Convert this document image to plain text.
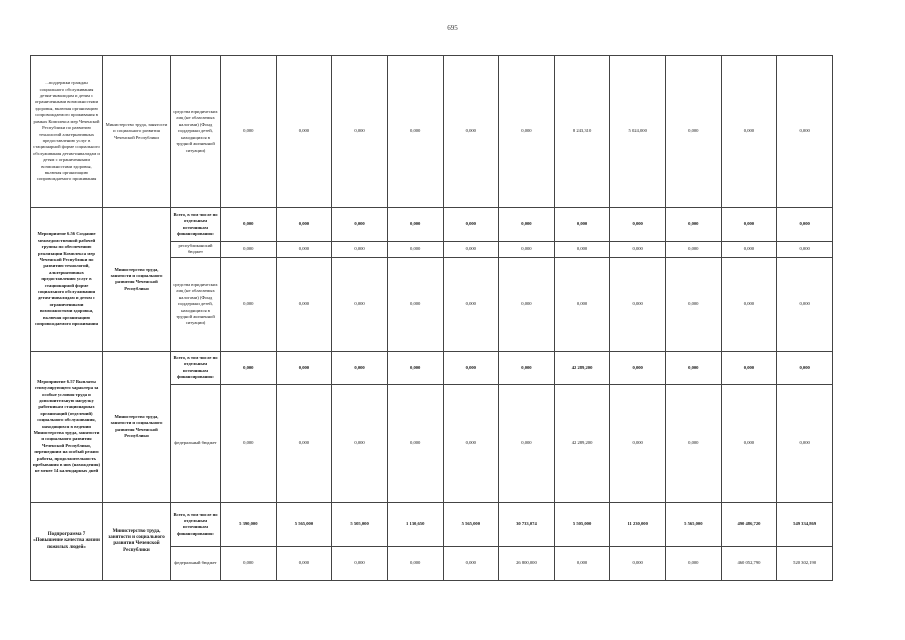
695
...поддержки граждан социального обслуживания детям-инвалидам и детям с ограниченными возможностями здоровья, включая организацию сопровождаемого проживания в рамках Комплекса мер Чеченской Республики по развитию технологий альтернативных предоставлению услуг в стационарной форме социального обслуживания детям-инвалидам и детям с ограниченными возможностями здоровья, включая организацию сопровождаемого проживания	Министерство труда, занятости и социального развития Чеченской Республики	средства юридических лиц (не облагаемых налогами) (Фонд поддержки детей, находящихся в трудной жизненной ситуации)	0,000	0,000	0,000	0,000	0,000	0,000	8 243,310	5 024,000	0,000	0,000	0,000
Мероприятие 6.56 Создание межведомственной рабочей группы по обеспечению реализации Комплекса мер Чеченской Республики по развитию технологий, альтернативных предоставлению услуг в стационарной форме социального обслуживания детям-инвалидам и детям с ограниченными возможностями здоровья, включая организацию сопровождаемого проживания	Министерство труда, занятости и социального развития Чеченской Республики	Всего, в том числе по отдельным источникам финансирования:	0,000	0,000	0,000	0,000	0,000	0,000	0,000	0,000	0,000	0,000	0,000
		республиканский бюджет	0,000	0,000	0,000	0,000	0,000	0,000	0,000	0,000	0,000	0,000	0,000
		средства юридических лиц (не облагаемых налогами) (Фонд поддержки детей, находящихся в трудной жизненной ситуации)	0,000	0,000	0,000	0,000	0,000	0,000	0,000	0,000	0,000	0,000	0,000
Мероприятие 6.57 Выплаты стимулирующего характера за особые условия труда и дополнительную нагрузку работникам стационарных организаций (отделений) социального обслуживания, находящихся в ведении Министерства труда, занятости и социального развития Чеченской Республики, перешедшим на особый режим работы, продолжительность пребывания в них (нахождения) не менее 14 календарных дней	Министерство труда, занятости и социального развития Чеченской Республики	Всего, в том числе по отдельным источникам финансирования:	0,000	0,000	0,000	0,000	0,000	0,000	42 289,200	0,000	0,000	0,000	0,000
		федеральный бюджет	0,000	0,000	0,000	0,000	0,000	0,000	42 289,200	0,000	0,000	0,000	0,000
Подпрограмма 7 «Повышение качества жизни пожилых людей»	Министерство труда, занятости и социального развития Чеченской Республики	Всего, в том числе по отдельным источникам финансирования:	5 390,000	5 565,000	5 505,000	1 130,650	5 565,000	30 733,074	5 505,000	11 230,000	5 565,000	490 486,720	549 334,869
		федеральный бюджет	0,000	0,000	0,000	0,000	0,000	26 800,000	0,000	0,000	0,000	460 052,790	520 302,190
